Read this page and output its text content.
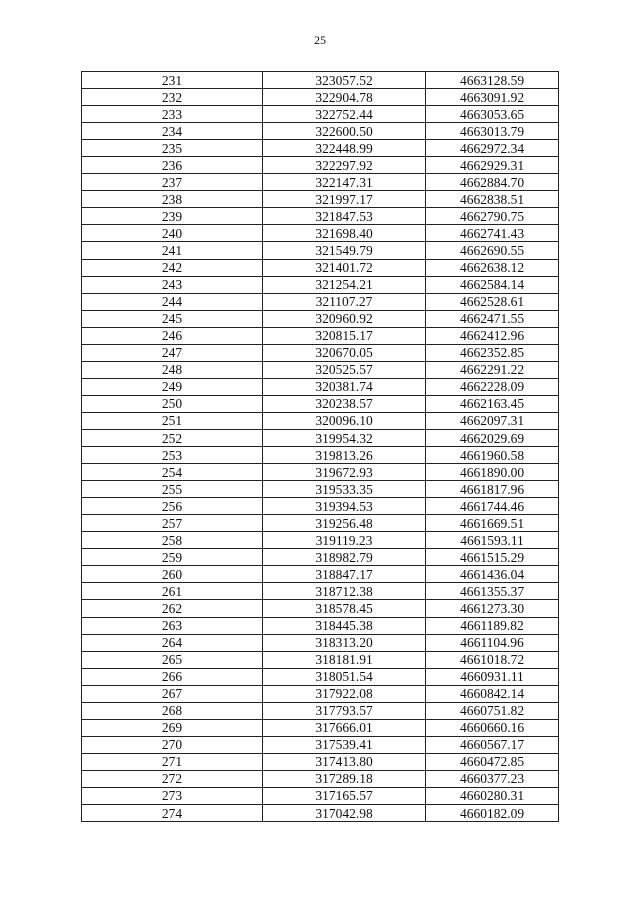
25
231	323057.52	4663128.59
232	322904.78	4663091.92
233	322752.44	4663053.65
234	322600.50	4663013.79
235	322448.99	4662972.34
236	322297.92	4662929.31
237	322147.31	4662884.70
238	321997.17	4662838.51
239	321847.53	4662790.75
240	321698.40	4662741.43
241	321549.79	4662690.55
242	321401.72	4662638.12
243	321254.21	4662584.14
244	321107.27	4662528.61
245	320960.92	4662471.55
246	320815.17	4662412.96
247	320670.05	4662352.85
248	320525.57	4662291.22
249	320381.74	4662228.09
250	320238.57	4662163.45
251	320096.10	4662097.31
252	319954.32	4662029.69
253	319813.26	4661960.58
254	319672.93	4661890.00
255	319533.35	4661817.96
256	319394.53	4661744.46
257	319256.48	4661669.51
258	319119.23	4661593.11
259	318982.79	4661515.29
260	318847.17	4661436.04
261	318712.38	4661355.37
262	318578.45	4661273.30
263	318445.38	4661189.82
264	318313.20	4661104.96
265	318181.91	4661018.72
266	318051.54	4660931.11
267	317922.08	4660842.14
268	317793.57	4660751.82
269	317666.01	4660660.16
270	317539.41	4660567.17
271	317413.80	4660472.85
272	317289.18	4660377.23
273	317165.57	4660280.31
274	317042.98	4660182.09
